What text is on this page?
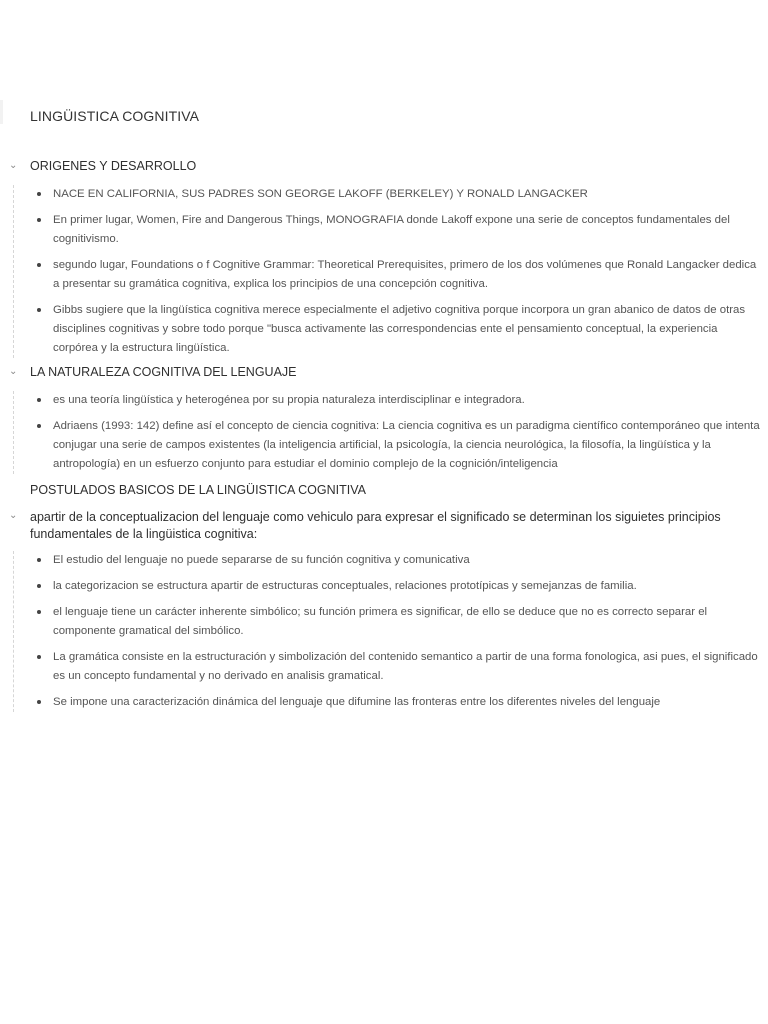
LINGÜISTICA COGNITIVA
⌄ ORIGENES Y DESARROLLO
NACE EN CALIFORNIA, SUS PADRES SON GEORGE LAKOFF (BERKELEY) Y RONALD LANGACKER
En primer lugar, Women, Fire and Dangerous Things, MONOGRAFIA donde Lakoff expone una serie de conceptos fundamentales del cognitivismo.
segundo lugar, Foundations o f Cognitive Grammar: Theoretical Prerequisites, primero de los dos volúmenes que Ronald Langacker dedica a presentar su gramática cognitiva, explica los principios de una concepción cognitiva.
Gibbs sugiere que la lingüística cognitiva merece especialmente el adjetivo cognitiva porque incorpora un gran abanico de datos de otras disciplines cognitivas y sobre todo porque "busca activamente las correspondencias ente el pensamiento conceptual, la experiencia corpórea y la estructura lingüística.
⌄ LA NATURALEZA COGNITIVA DEL LENGUAJE
es una teoría lingüística y heterogénea por su propia naturaleza interdisciplinar e integradora.
Adriaens (1993: 142) define así el concepto de ciencia cognitiva: La ciencia cognitiva es un paradigma científico contemporáneo que intenta conjugar una serie de campos existentes (la inteligencia artificial, la psicología, la ciencia neurológica, la filosofía, la lingüística y la antropología) en un esfuerzo conjunto para estudiar el dominio complejo de la cognición/inteligencia
POSTULADOS BASICOS DE LA LINGÜISTICA COGNITIVA
⌄	apartir de la conceptualizacion del lenguaje como vehiculo para expresar el significado se determinan los siguietes principios fundamentales de la lingüistica cognitiva:
El estudio del lenguaje no puede separarse de su función cognitiva y comunicativa
la categorizacion se estructura apartir de estructuras conceptuales, relaciones prototípicas y semejanzas de familia.
el lenguaje tiene un carácter inherente simbólico; su función primera es significar, de ello se deduce que no es correcto separar el componente gramatical del simbólico.
La gramática consiste en la estructuración y simbolización del contenido semantico a partir de una forma fonologica, asi pues, el significado es un concepto fundamental y no derivado en analisis gramatical.
Se impone una caracterización dinámica del lenguaje que difumine las fronteras entre los diferentes niveles del lenguaje
